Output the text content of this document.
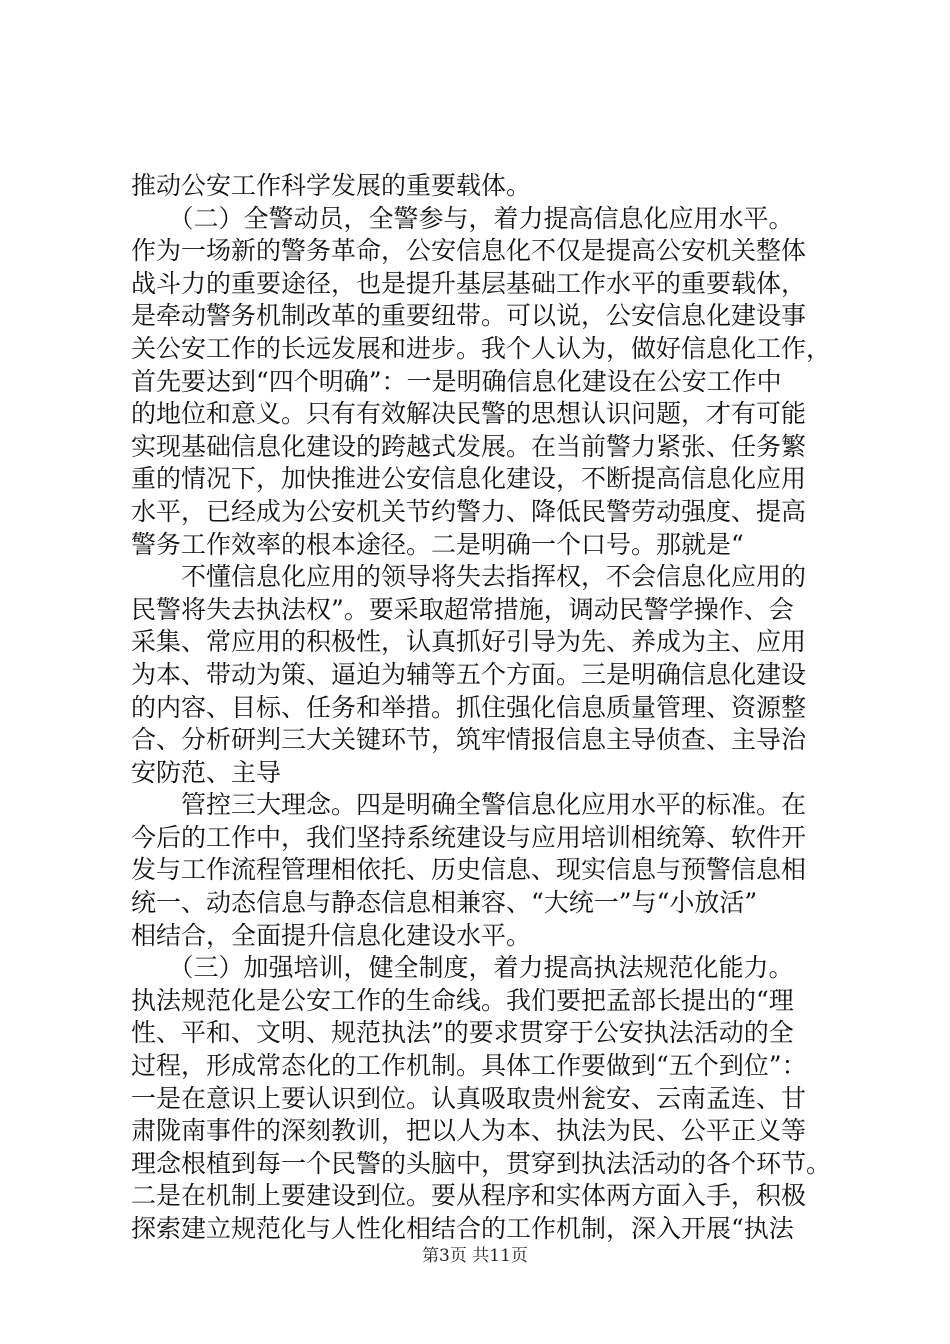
推动公安工作科学发展的重要载体。
　　（二）全警动员，全警参与，着力提高信息化应用水平。
作为一场新的警务革命，公安信息化不仅是提高公安机关整体
战斗力的重要途径，也是提升基层基础工作水平的重要载体，
是牵动警务机制改革的重要纽带。可以说，公安信息化建设事
关公安工作的长远发展和进步。我个人认为，做好信息化工作，
首先要达到“四个明确”：一是明确信息化建设在公安工作中
的地位和意义。只有有效解决民警的思想认识问题，才有可能
实现基础信息化建设的跨越式发展。在当前警力紧张、任务繁
重的情况下，加快推进公安信息化建设，不断提高信息化应用
水平，已经成为公安机关节约警力、降低民警劳动强度、提高
警务工作效率的根本途径。二是明确一个口号。那就是“
　　不懂信息化应用的领导将失去指挥权，不会信息化应用的
民警将失去执法权”。要采取超常措施，调动民警学操作、会
采集、常应用的积极性，认真抓好引导为先、养成为主、应用
为本、带动为策、逼迫为辅等五个方面。三是明确信息化建设
的内容、目标、任务和举措。抓住强化信息质量管理、资源整
合、分析研判三大关键环节，筑牢情报信息主导侦查、主导治
安防范、主导
　　管控三大理念。四是明确全警信息化应用水平的标准。在
今后的工作中，我们坚持系统建设与应用培训相统筹、软件开
发与工作流程管理相依托、历史信息、现实信息与预警信息相
统一、动态信息与静态信息相兼容、“大统一”与“小放活”
相结合，全面提升信息化建设水平。
　　（三）加强培训，健全制度，着力提高执法规范化能力。
执法规范化是公安工作的生命线。我们要把孟部长提出的“理
性、平和、文明、规范执法”的要求贯穿于公安执法活动的全
过程，形成常态化的工作机制。具体工作要做到“五个到位”：
一是在意识上要认识到位。认真吸取贵州瓮安、云南孟连、甘
肃陇南事件的深刻教训，把以人为本、执法为民、公平正义等
理念根植到每一个民警的头脑中，贯穿到执法活动的各个环节。
二是在机制上要建设到位。要从程序和实体两方面入手，积极
探索建立规范化与人性化相结合的工作机制，深入开展“执法
第3页 共11页
